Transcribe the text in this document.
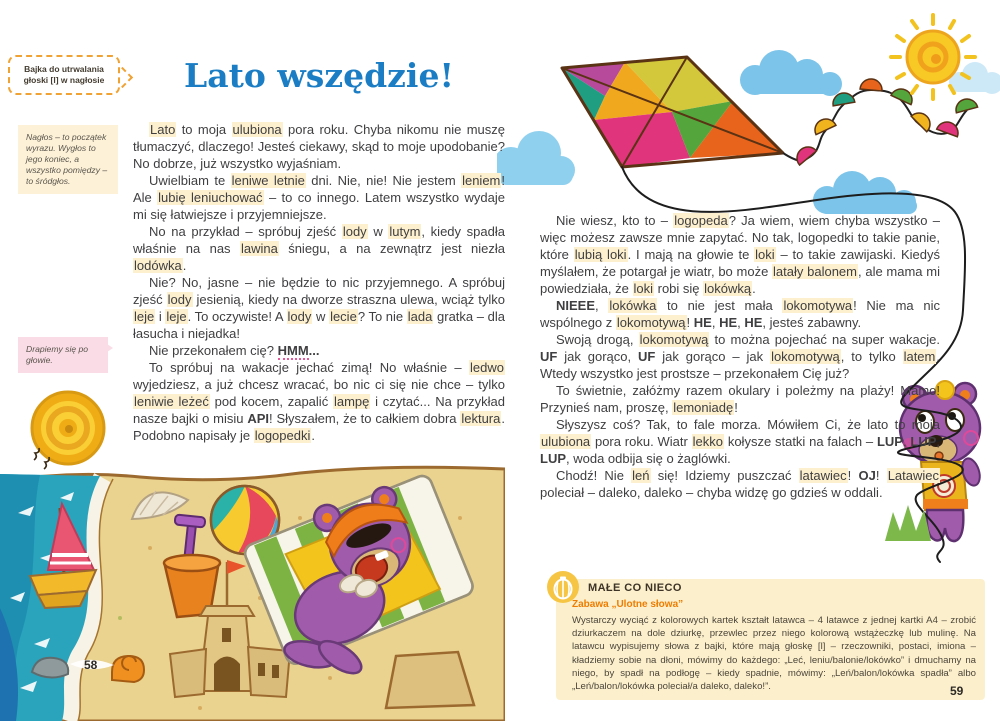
Bajka do utrwalania głoski [l] w nagłosie
Nagłos – to początek wyrazu. Wygłos to jego koniec, a wszystko pomiędzy – to śródgłos.
Lato wszędzie!

Lato to moja ulubiona pora roku. Chyba nikomu nie muszę tłumaczyć, dlaczego! Jesteś ciekawy, skąd to moje upodobanie? No dobrze, już wszystko wyjaśniam.

Uwielbiam te leniwe letnie dni. Nie, nie! Nie jestem leniem! Ale lubię leniuchować – to co innego. Latem wszystko wydaje mi się łatwiejsze i przyjemniejsze.

No na przykład – spróbuj zjeść lody w lutym, kiedy spadła właśnie na nas lawina śniegu, a na zewnątrz jest niezła lodówka.

Nie? No, jasne – nie będzie to nic przyjemnego. A spróbuj zjeść lody jesienią, kiedy na dworze straszna ulewa, wciąż tylko leje i leje. To oczywiste! A lody w lecie? To nie lada gratka – dla łasucha i niejadka!

Nie przekonałem cię? HMM...

To spróbuj na wakacje jechać zimą! No właśnie – ledwo wyjedziesz, a już chcesz wracać, bo nic ci się nie chce – tylko leniwie leżeć pod kocem, zapalić lampę i czytać... Na przykład nasze bajki o misiu API! Słyszałem, że to całkiem dobra lektura. Podobno napisały je logopedki.

Drapiemy się po głowie.
58

Nie wiesz, kto to – logopeda? Ja wiem, wiem chyba wszystko – więc możesz zawsze mnie zapytać. No tak, logopedki to takie panie, które lubią loki. I mają na głowie te loki – to takie zawijaski. Kiedyś myślałem, że potargał je wiatr, bo może latały balonem, ale mama mi powiedziała, że loki robi się lokówką.

NIEEE, lokówka to nie jest mała lokomotywa! Nie ma nic wspólnego z lokomotywą! HE, HE, HE, jesteś zabawny.

Swoją drogą, lokomotywą to można pojechać na super wakacje. UF jak gorąco, UF jak gorąco – jak lokomotywą, to tylko latem. Wtedy wszystko jest prostsze – przekonałem Cię już?

To świetnie, załóżmy razem okulary i poleżmy na plaży! Mamo! Przynieś nam, proszę, lemoniadę!

Słyszysz coś? Tak, to fale morza. Mówiłem Ci, że lato to moja ulubiona pora roku. Wiatr lekko kołysze statki na falach – LUP, LUP, LUP, woda odbija się o żaglówki.

Chodź! Nie leń się! Idziemy puszczać latawiec! OJ! Latawiec poleciał – daleko, daleko – chyba widzę go gdzieś w oddali.

MAŁE CO NIECO
Zabawa „Ulotne słowa”
Wystarczy wyciąć z kolorowych kartek kształt latawca – 4 latawce z jednej kartki A4 – zrobić dziurkaczem na dole dziurkę, przewlec przez niego kolorową wstążeczkę lub mulinę. Na latawcu wypisujemy słowa z bajki, które mają głoskę [l] – rzeczowniki, postaci, imiona – kładziemy sobie na dłoni, mówimy do każdego: „Leć, leniu/balonie/lokówko” i dmuchamy na niego, by spadł na podłogę – kiedy spadnie, mówimy: „Leń/balon/lokówka spadła” albo „Leń/balon/lokówka poleciał/a daleko, daleko!”.	59
